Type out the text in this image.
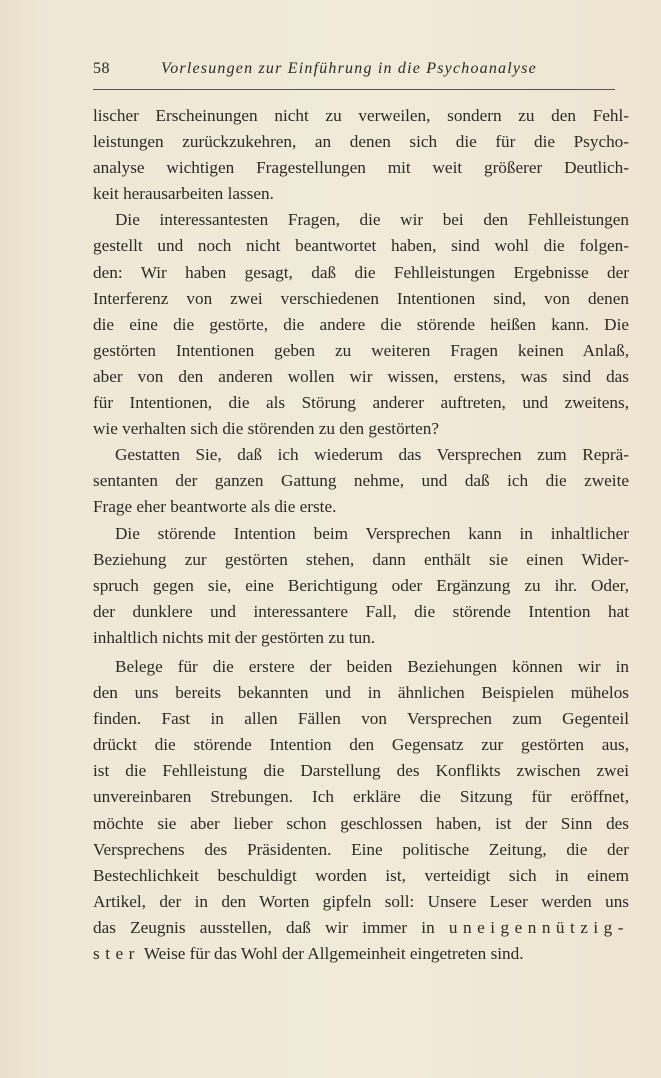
58	Vorlesungen zur Einführung in die Psychoanalyse
lischer Erscheinungen nicht zu verweilen, sondern zu den Fehl-
leistungen zurückzukehren, an denen sich die für die Psycho-
analyse wichtigen Fragestellungen mit weit größerer Deutlich-
keit herausarbeiten lassen.
Die interessantesten Fragen, die wir bei den Fehlleistungen
gestellt und noch nicht beantwortet haben, sind wohl die folgen-
den: Wir haben gesagt, daß die Fehlleistungen Ergebnisse der
Interferenz von zwei verschiedenen Intentionen sind, von denen
die eine die gestörte, die andere die störende heißen kann. Die
gestörten Intentionen geben zu weiteren Fragen keinen Anlaß,
aber von den anderen wollen wir wissen, erstens, was sind das
für Intentionen, die als Störung anderer auftreten, und zweitens,
wie verhalten sich die störenden zu den gestörten?
Gestatten Sie, daß ich wiederum das Versprechen zum Reprä-
sentanten der ganzen Gattung nehme, und daß ich die zweite
Frage eher beantworte als die erste.
Die störende Intention beim Versprechen kann in inhaltlicher
Beziehung zur gestörten stehen, dann enthält sie einen Wider-
spruch gegen sie, eine Berichtigung oder Ergänzung zu ihr. Oder,
der dunklere und interessantere Fall, die störende Intention hat
inhaltlich nichts mit der gestörten zu tun.
Belege für die erstere der beiden Beziehungen können wir in
den uns bereits bekannten und in ähnlichen Beispielen mühelos
finden. Fast in allen Fällen von Versprechen zum Gegenteil
drückt die störende Intention den Gegensatz zur gestörten aus,
ist die Fehlleistung die Darstellung des Konflikts zwischen zwei
unvereinbaren Strebungen. Ich erkläre die Sitzung für eröffnet,
möchte sie aber lieber schon geschlossen haben, ist der Sinn des
Versprechens des Präsidenten. Eine politische Zeitung, die der
Bestechlichkeit beschuldigt worden ist, verteidigt sich in einem
Artikel, der in den Worten gipfeln soll: Unsere Leser werden uns
das Zeugnis ausstellen, daß wir immer in uneigennützig-
ster Weise für das Wohl der Allgemeinheit eingetreten sind.
